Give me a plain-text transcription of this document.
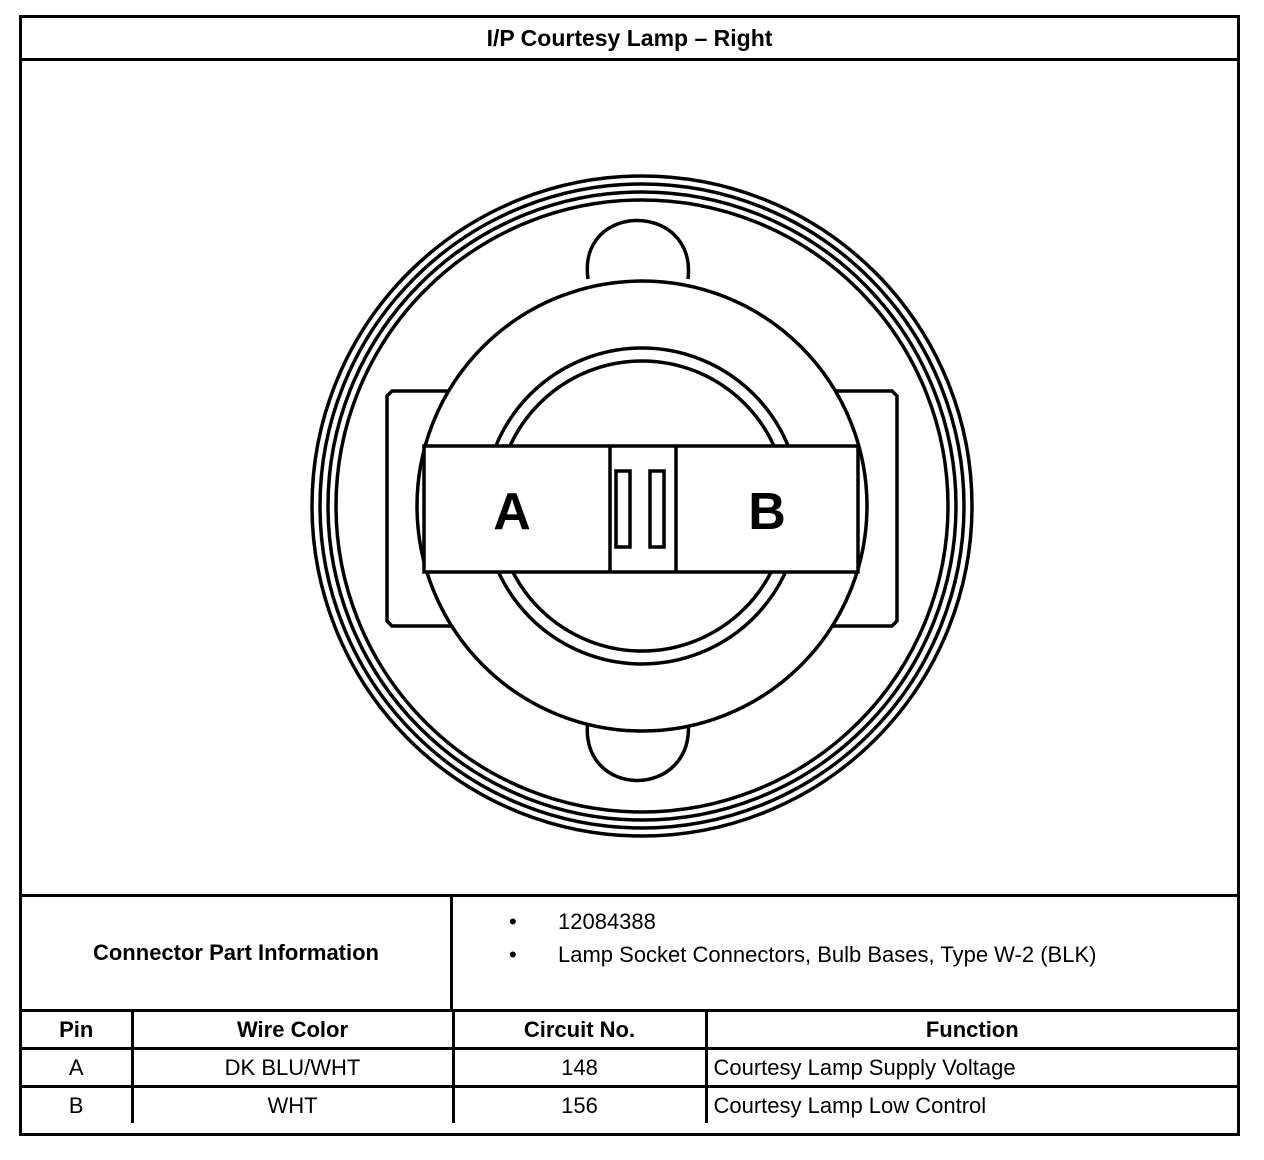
I/P Courtesy Lamp – Right
A	B
Connector Part Information
• 12084388
• Lamp Socket Connectors, Bulb Bases, Type W-2 (BLK)
Pin	Wire Color	Circuit No.	Function
A	DK BLU/WHT	148	Courtesy Lamp Supply Voltage
B	WHT	156	Courtesy Lamp Low Control
